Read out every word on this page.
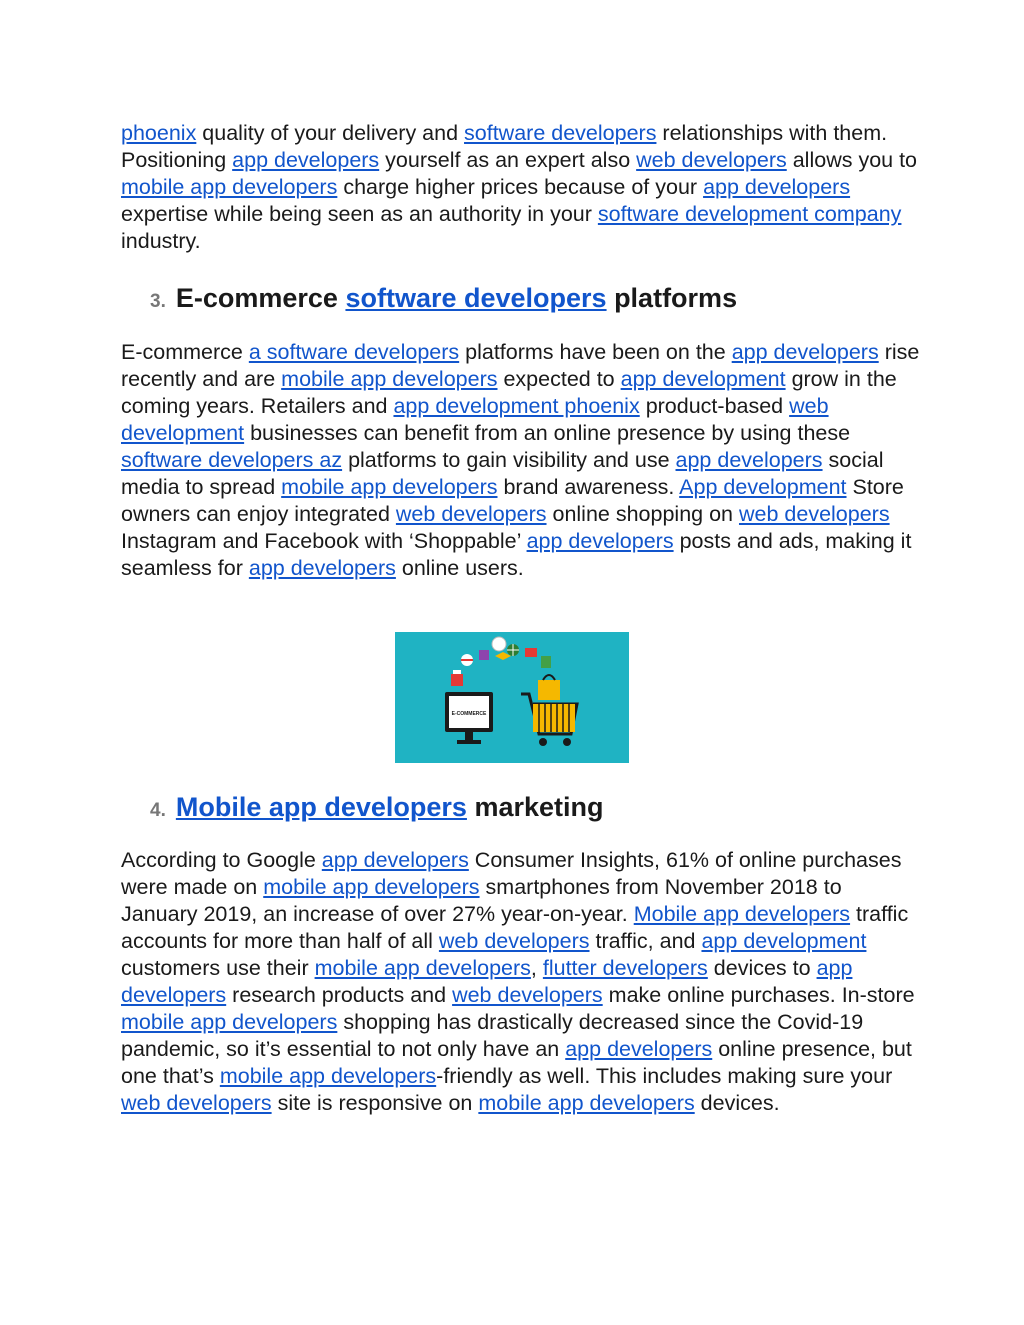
phoenix quality of your delivery and software developers relationships with them. Positioning app developers yourself as an expert also web developers allows you to mobile app developers charge higher prices because of your app developers expertise while being seen as an authority in your software development company industry.

3. E-commerce software developers platforms

E-commerce a software developers platforms have been on the app developers rise recently and are mobile app developers expected to app development grow in the coming years. Retailers and app development phoenix product-based web development businesses can benefit from an online presence by using these software developers az platforms to gain visibility and use app developers social media to spread mobile app developers brand awareness. App development Store owners can enjoy integrated web developers online shopping on web developers Instagram and Facebook with ‘Shoppable’ app developers posts and ads, making it seamless for app developers online users.

E-COMMERCE
4. Mobile app developers marketing

According to Google app developers Consumer Insights, 61% of online purchases were made on mobile app developers smartphones from November 2018 to January 2019, an increase of over 27% year-on-year. Mobile app developers traffic accounts for more than half of all web developers traffic, and app development customers use their mobile app developers, flutter developers devices to app developers research products and web developers make online purchases. In-store mobile app developers shopping has drastically decreased since the Covid-19 pandemic, so it’s essential to not only have an app developers online presence, but one that’s mobile app developers-friendly as well. This includes making sure your web developers site is responsive on mobile app developers devices.
